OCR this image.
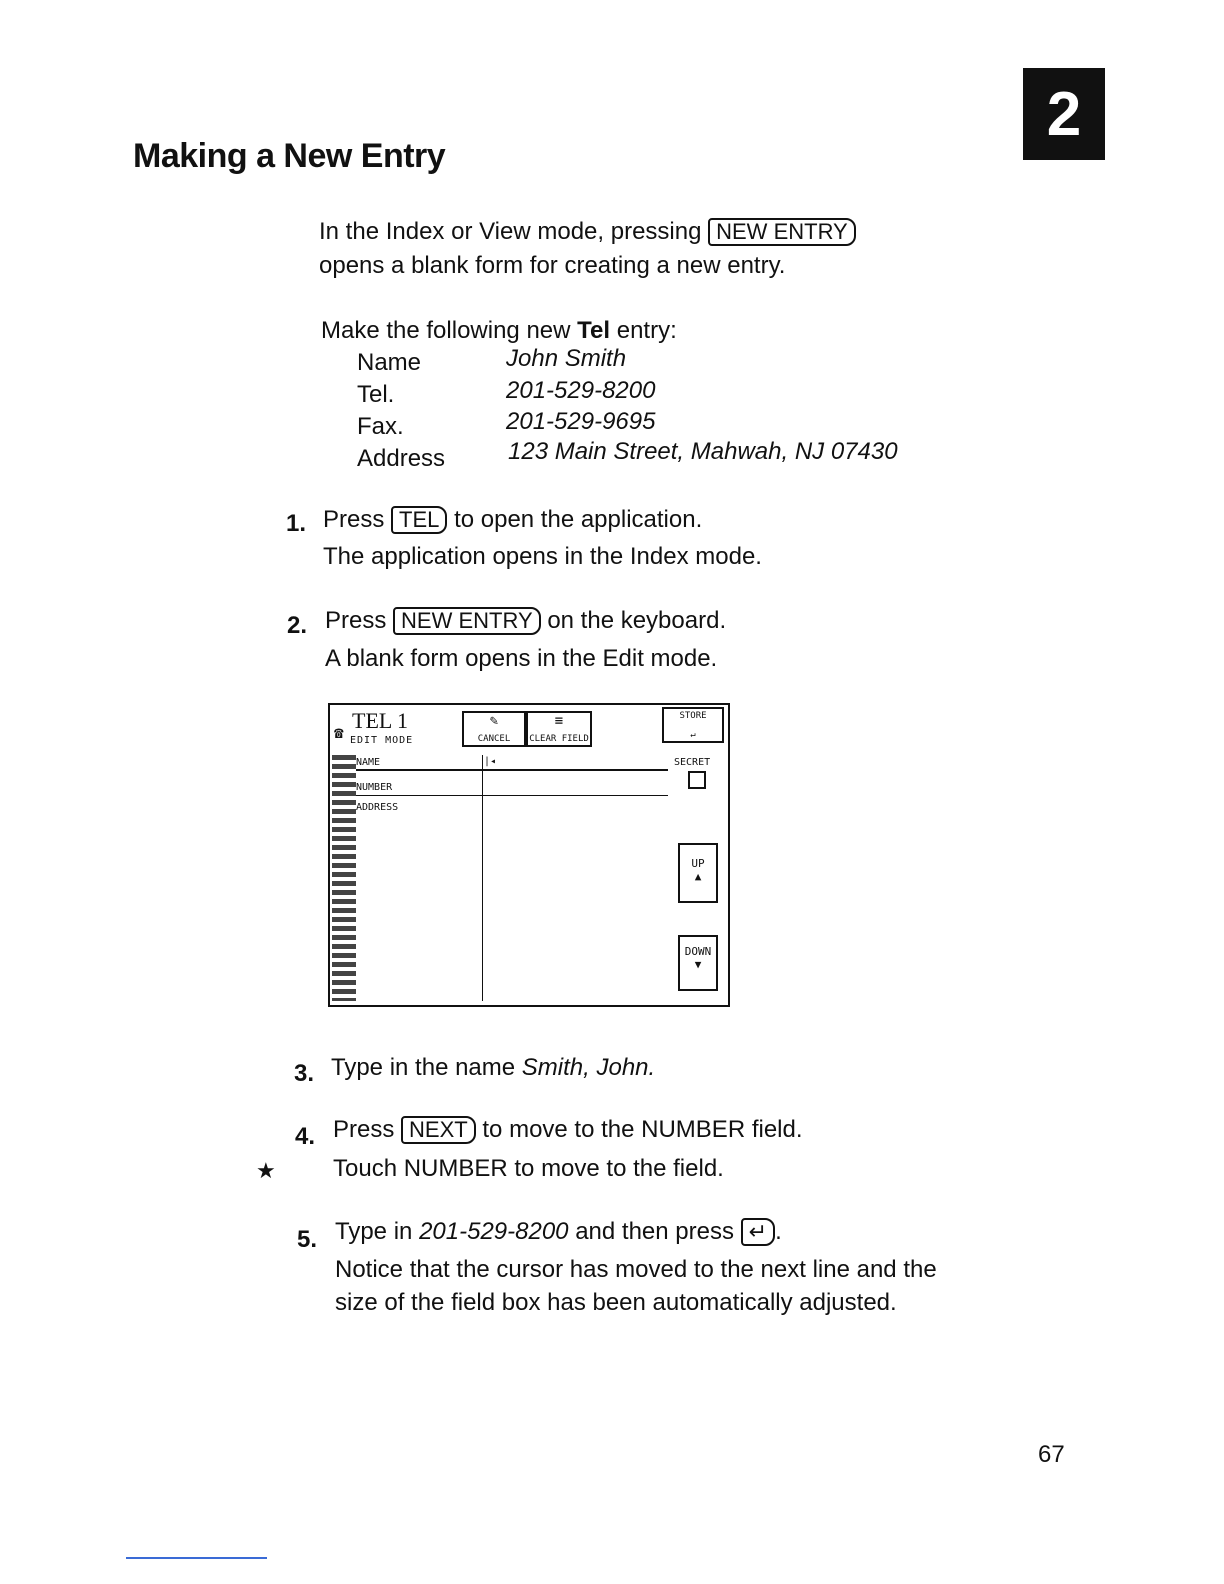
2
Making a New Entry
In the Index or View mode, pressing NEW ENTRY
opens a blank form for creating a new entry.
Make the following new Tel entry:
Name	John Smith
Tel.	201-529-8200
Fax.	201-529-9695
Address	123 Main Street, Mahwah, NJ 07430
1. Press TEL to open the application.
The application opens in the Index mode.
2. Press NEW ENTRY on the keyboard.
A blank form opens in the Edit mode.
☎ TEL 1
EDIT MODE
✎
CANCEL
≡
CLEAR FIELD
STORE
↵
NAME	|◂
NUMBER
ADDRESS
SECRET
UP
▲
DOWN
▼
3. Type in the name Smith, John.
4. Press NEXT to move to the NUMBER field.
★ Touch NUMBER to move to the field.
5. Type in 201-529-8200 and then press ↵ .
Notice that the cursor has moved to the next line and the
size of the field box has been automatically adjusted.
67
